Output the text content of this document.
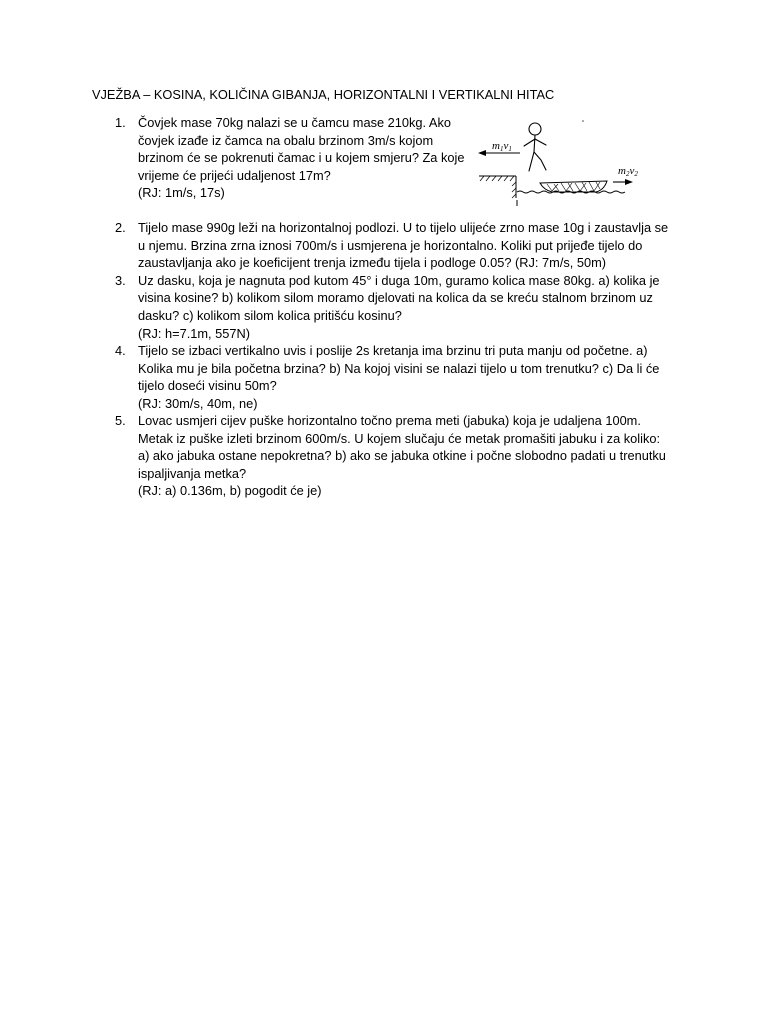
VJEŽBA – KOSINA, KOLIČINA GIBANJA, HORIZONTALNI I VERTIKALNI HITAC
1. Čovjek mase 70kg nalazi se u čamcu mase 210kg. Ako
čovjek izađe iz čamca na obalu brzinom 3m/s kojom
brzinom će se pokrenuti čamac i u kojem smjeru? Za koje
vrijeme će prijeći udaljenost 17m?
(RJ: 1m/s, 17s)
2. Tijelo mase 990g leži na horizontalnoj podlozi. U to tijelo ulijeće zrno mase 10g i zaustavlja se
u njemu. Brzina zrna iznosi 700m/s i usmjerena je horizontalno. Koliki put prijeđe tijelo do
zaustavljanja ako je koeficijent trenja između tijela i podloge 0.05? (RJ: 7m/s, 50m)
3. Uz dasku, koja je nagnuta pod kutom 45° i duga 10m, guramo kolica mase 80kg. a) kolika je
visina kosine? b) kolikom silom moramo djelovati na kolica da se kreću stalnom brzinom uz
dasku? c) kolikom silom kolica pritišću kosinu?
(RJ: h=7.1m, 557N)
4. Tijelo se izbaci vertikalno uvis i poslije 2s kretanja ima brzinu tri puta manju od početne. a)
Kolika mu je bila početna brzina? b) Na kojoj visini se nalazi tijelo u tom trenutku? c) Da li će
tijelo doseći visinu 50m?
(RJ: 30m/s, 40m, ne)
5. Lovac usmjeri cijev puške horizontalno točno prema meti (jabuka) koja je udaljena 100m.
Metak iz puške izleti brzinom 600m/s. U kojem slučaju će metak promašiti jabuku i za koliko:
a) ako jabuka ostane nepokretna? b) ako se jabuka otkine i počne slobodno padati u trenutku
ispaljivanja metka?
(RJ: a) 0.136m, b) pogodit će je)
m1v1
m2v2
